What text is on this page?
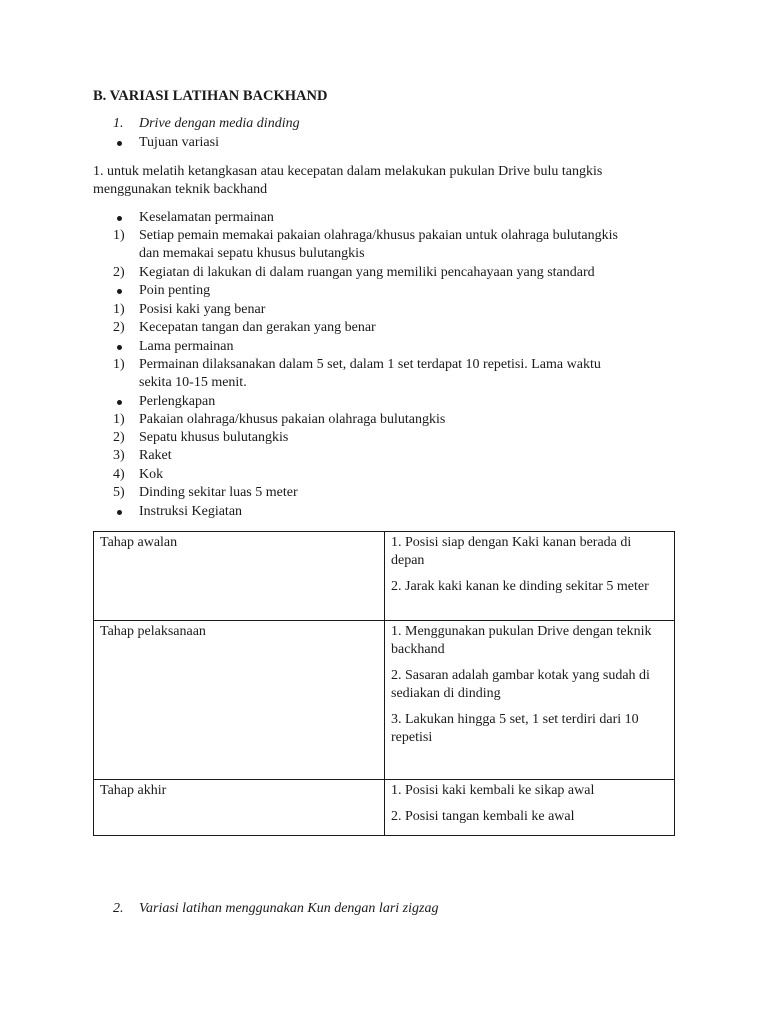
B. VARIASI LATIHAN BACKHAND
1.	Drive dengan media dinding
Tujuan variasi
1. untuk melatih ketangkasan atau kecepatan dalam melakukan pukulan Drive bulu tangkis menggunakan teknik backhand
Keselamatan permainan
1)	Setiap pemain memakai pakaian olahraga/khusus pakaian untuk olahraga bulutangkis
dan memakai sepatu khusus bulutangkis
2)	Kegiatan di lakukan di dalam ruangan yang memiliki pencahayaan yang standard
Poin penting
1)	Posisi kaki yang benar
2)	Kecepatan tangan dan gerakan yang benar
Lama permainan
1)	Permainan dilaksanakan dalam 5 set, dalam 1 set terdapat 10 repetisi. Lama waktu
sekita 10-15 menit.
Perlengkapan
1)	Pakaian olahraga/khusus pakaian olahraga bulutangkis
2)	Sepatu khusus bulutangkis
3)	Raket
4)	Kok
5)	Dinding sekitar luas 5 meter
Instruksi Kegiatan
Tahap awalan	1. Posisi siap dengan Kaki kanan berada di depan

2. Jarak kaki kanan ke dinding sekitar 5 meter

Tahap pelaksanaan	1. Menggunakan pukulan Drive dengan teknik backhand

2. Sasaran adalah gambar kotak yang sudah di sediakan di dinding

3. Lakukan hingga 5 set, 1 set terdiri dari 10 repetisi

Tahap akhir	1. Posisi kaki kembali ke sikap awal

2. Posisi tangan kembali ke awal

2.	Variasi latihan menggunakan Kun dengan lari zigzag
